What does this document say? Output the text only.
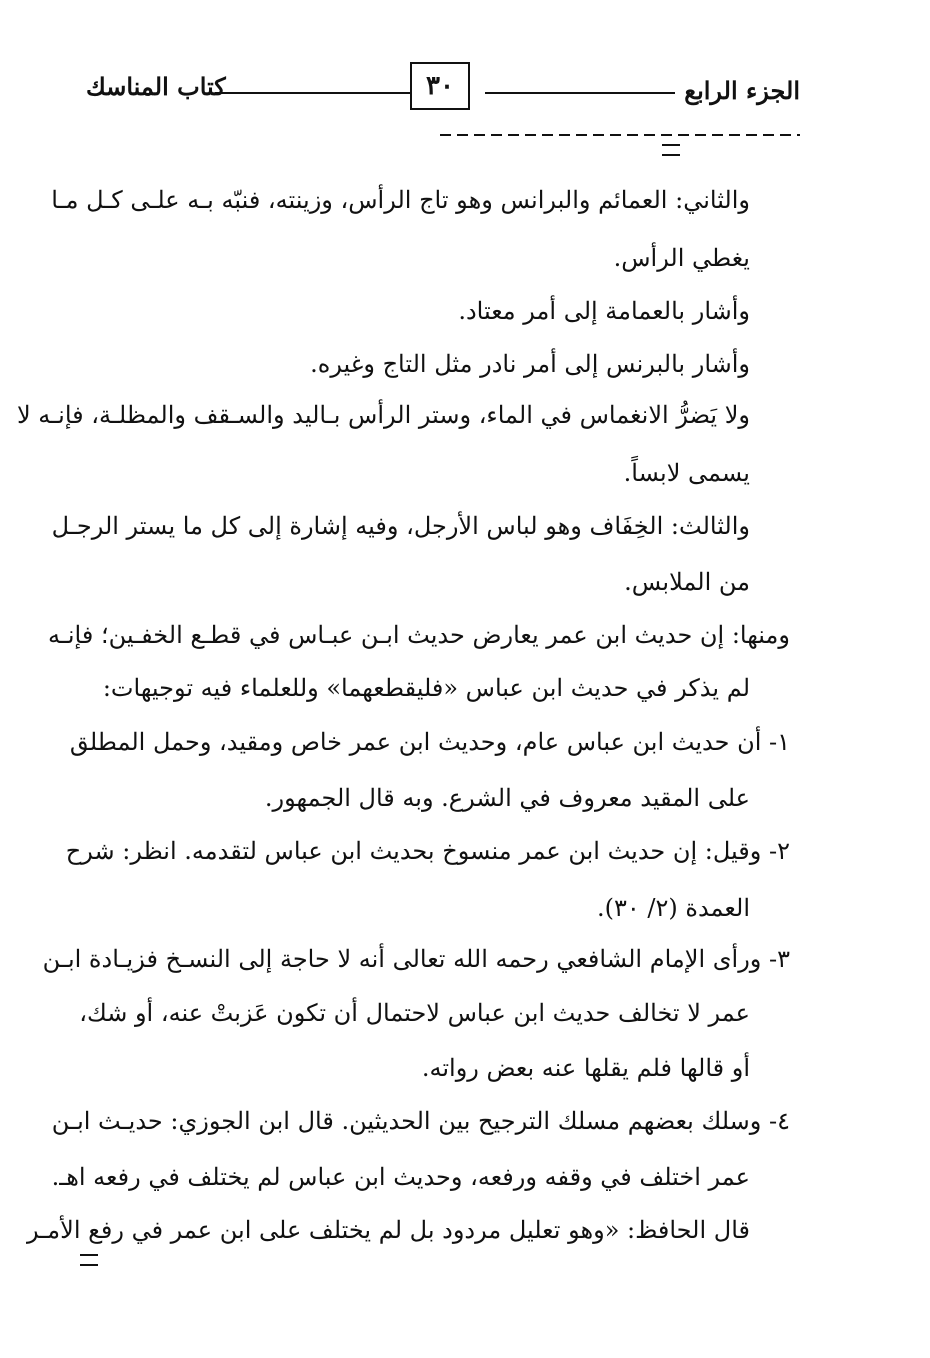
الجزء الرابع
٣٠
كتاب المناسك
والثاني: العمائم والبرانس وهو تاج الرأس، وزينته، فنبّه بـه علـى كـل مـا
يغطي الرأس.
وأشار بالعمامة إلى أمر معتاد.
وأشار بالبرنس إلى أمر نادر مثل التاج وغيره.
ولا يَضرُّ الانغماس في الماء، وستر الرأس بـاليد والسـقف والمظلـة، فإنـه لا
يسمى لابساً.
والثالث: الخِفَاف وهو لباس الأرجل، وفيه إشارة إلى كل ما يستر الرجـل
من الملابس.
ومنها: إن حديث ابن عمر يعارض حديث ابـن عبـاس في قطـع الخفـين؛ فإنـه
لم يذكر في حديث ابن عباس «فليقطعهما» وللعلماء فيه توجيهات:
١- أن حديث ابن عباس عام، وحديث ابن عمر خاص ومقيد، وحمل المطلق
على المقيد معروف في الشرع. وبه قال الجمهور.
٢- وقيل: إن حديث ابن عمر منسوخ بحديث ابن عباس لتقدمه. انظر: شرح
العمدة (٢/ ٣٠).
٣- ورأى الإمام الشافعي رحمه الله تعالى أنه لا حاجة إلى النسـخ فزيـادة ابـن
عمر لا تخالف حديث ابن عباس لاحتمال أن تكون عَزبتْ عنه، أو شك،
أو قالها فلم يقلها عنه بعض رواته.
٤- وسلك بعضهم مسلك الترجيح بين الحديثين. قال ابن الجوزي: حديـث ابـن
عمر اختلف في وقفه ورفعه، وحديث ابن عباس لم يختلف في رفعه اهـ.
قال الحافظ: «وهو تعليل مردود بل لم يختلف على ابن عمر في رفع الأمـر
